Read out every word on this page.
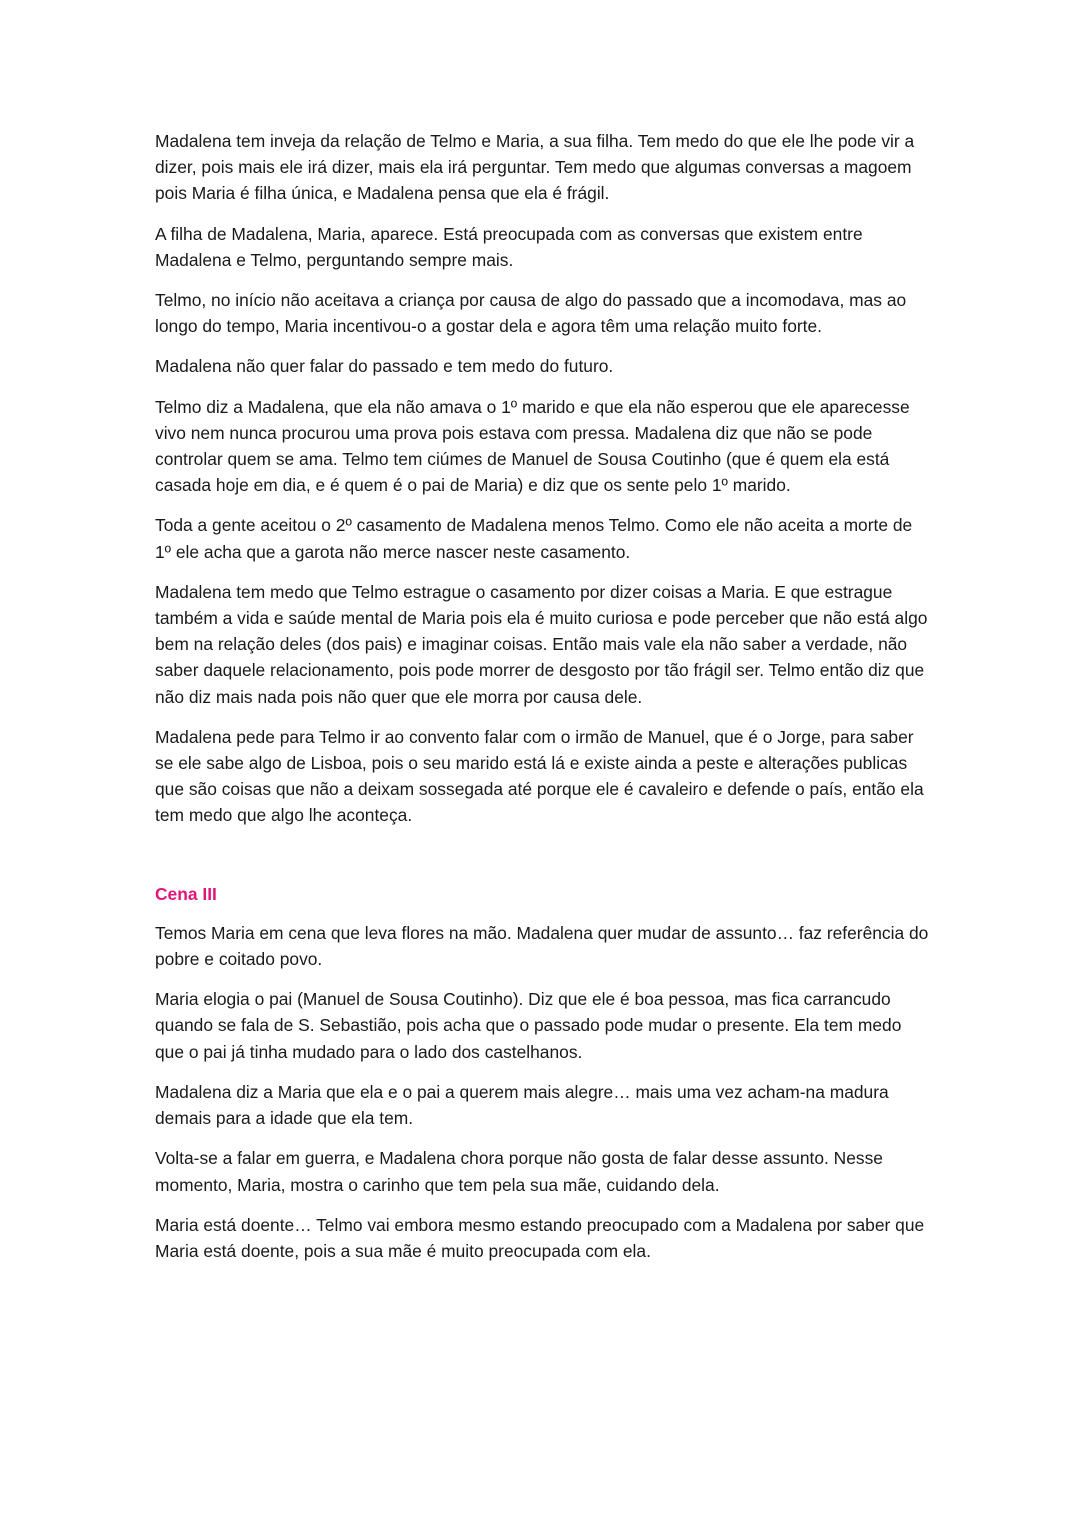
Madalena tem inveja da relação de Telmo e Maria, a sua filha. Tem medo do que ele lhe pode vir a dizer, pois mais ele irá dizer, mais ela irá perguntar. Tem medo que algumas conversas a magoem pois Maria é filha única, e Madalena pensa que ela é frágil.

A filha de Madalena, Maria, aparece. Está preocupada com as conversas que existem entre Madalena e Telmo, perguntando sempre mais.

Telmo, no início não aceitava a criança por causa de algo do passado que a incomodava, mas ao longo do tempo, Maria incentivou-o a gostar dela e agora têm uma relação muito forte.

Madalena não quer falar do passado e tem medo do futuro.

Telmo diz a Madalena, que ela não amava o 1º marido e que ela não esperou que ele aparecesse vivo nem nunca procurou uma prova pois estava com pressa. Madalena diz que não se pode controlar quem se ama. Telmo tem ciúmes de Manuel de Sousa Coutinho (que é quem ela está casada hoje em dia, e é quem é o pai de Maria) e diz que os sente pelo 1º marido.

Toda a gente aceitou o 2º casamento de Madalena menos Telmo. Como ele não aceita a morte de 1º ele acha que a garota não merce nascer neste casamento.

Madalena tem medo que Telmo estrague o casamento por dizer coisas a Maria. E que estrague também a vida e saúde mental de Maria pois ela é muito curiosa e pode perceber que não está algo bem na relação deles (dos pais) e imaginar coisas. Então mais vale ela não saber a verdade, não saber daquele relacionamento, pois pode morrer de desgosto por tão frágil ser. Telmo então diz que não diz mais nada pois não quer que ele morra por causa dele.

Madalena pede para Telmo ir ao convento falar com o irmão de Manuel, que é o Jorge, para saber se ele sabe algo de Lisboa, pois o seu marido está lá e existe ainda a peste e alterações publicas que são coisas que não a deixam sossegada até porque ele é cavaleiro e defende o país, então ela tem medo que algo lhe aconteça.

Cena III

Temos Maria em cena que leva flores na mão. Madalena quer mudar de assunto… faz referência do pobre e coitado povo.

Maria elogia o pai (Manuel de Sousa Coutinho). Diz que ele é boa pessoa, mas fica carrancudo quando se fala de S. Sebastião, pois acha que o passado pode mudar o presente. Ela tem medo que o pai já tinha mudado para o lado dos castelhanos.

Madalena diz a Maria que ela e o pai a querem mais alegre… mais uma vez acham-na madura demais para a idade que ela tem.

Volta-se a falar em guerra, e Madalena chora porque não gosta de falar desse assunto. Nesse momento, Maria, mostra o carinho que tem pela sua mãe, cuidando dela.

Maria está doente… Telmo vai embora mesmo estando preocupado com a Madalena por saber que Maria está doente, pois a sua mãe é muito preocupada com ela.
